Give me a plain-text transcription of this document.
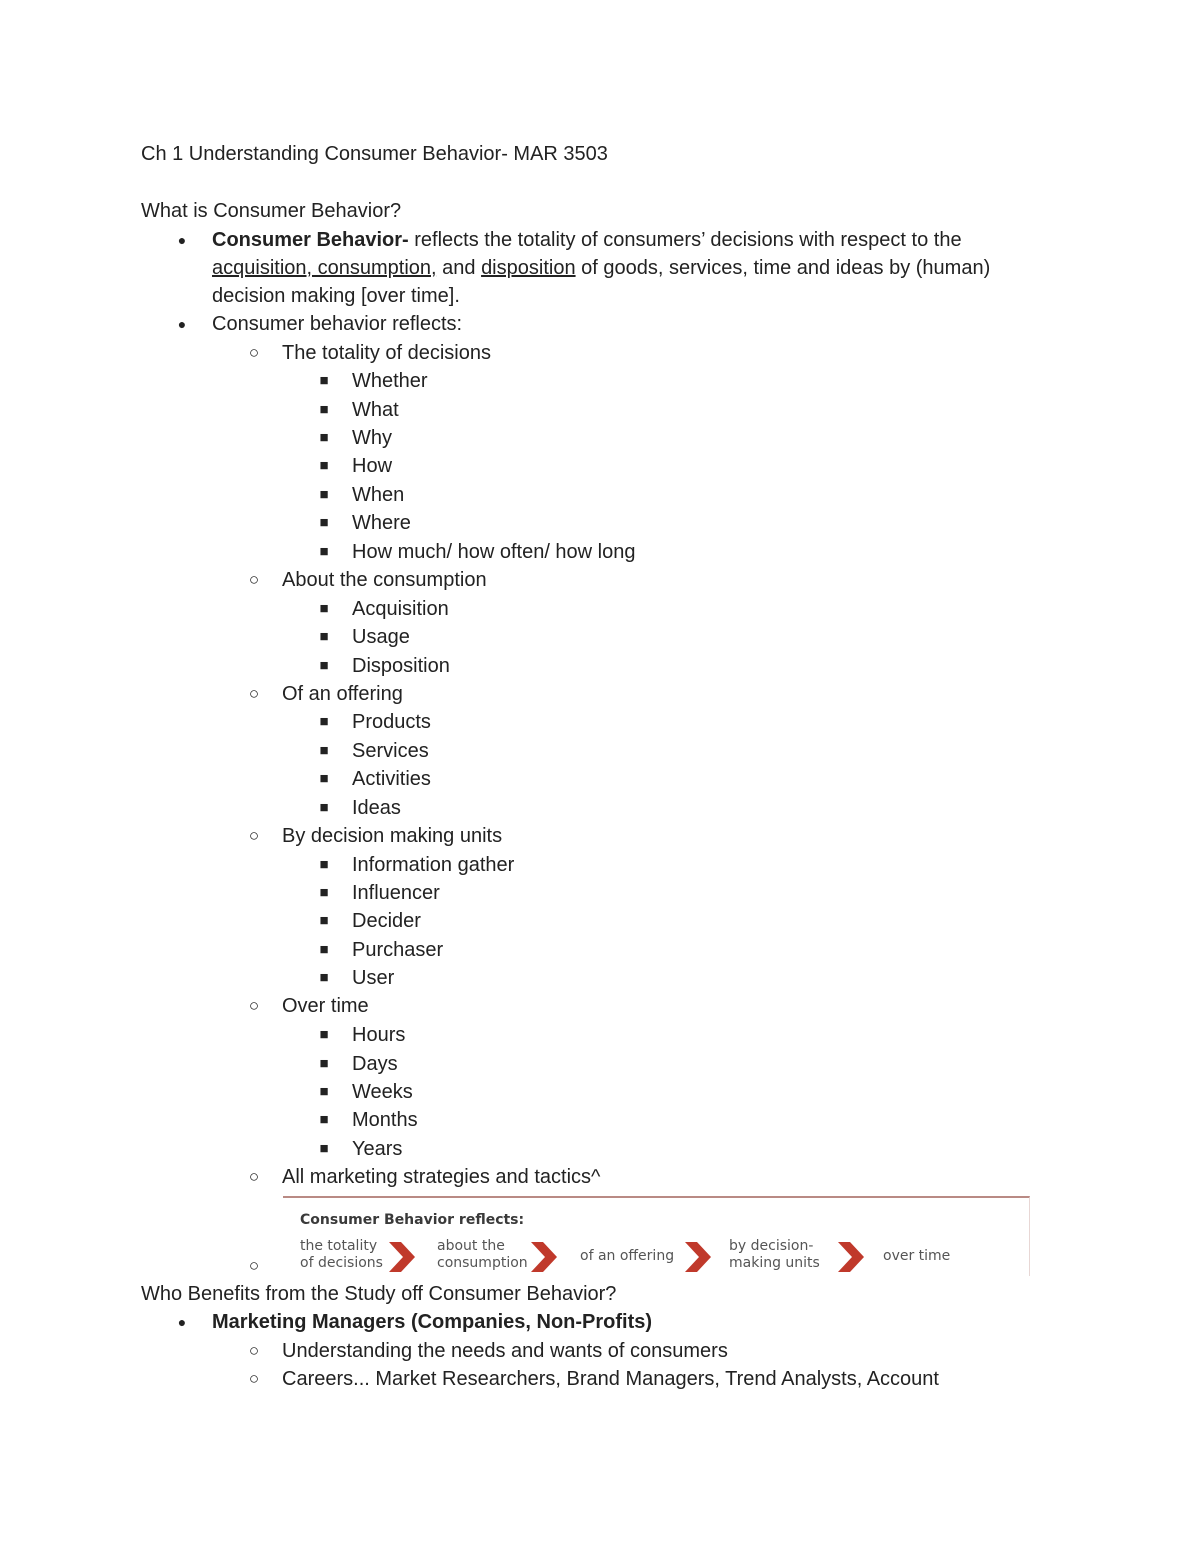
Ch 1 Understanding Consumer Behavior- MAR 3503
What is Consumer Behavior?
● Consumer Behavior- reflects the totality of consumers’ decisions with respect to the
acquisition, consumption, and disposition of goods, services, time and ideas by (human)
decision making [over time].
● Consumer behavior reflects:
○ The totality of decisions
■ Whether
■ What
■ Why
■ How
■ When
■ Where
■ How much/ how often/ how long
○ About the consumption
■ Acquisition
■ Usage
■ Disposition
○ Of an offering
■ Products
■ Services
■ Activities
■ Ideas
○ By decision making units
■ Information gather
■ Influencer
■ Decider
■ Purchaser
■ User
○ Over time
■ Hours
■ Days
■ Weeks
■ Months
■ Years
○ All marketing strategies and tactics^
○
Consumer Behavior reflects:
the totality
of decisions
about the
consumption	of an offering
by decision-
making units	over time
Who Benefits from the Study off Consumer Behavior?
● Marketing Managers (Companies, Non-Profits)
○ Understanding the needs and wants of consumers
○ Careers... Market Researchers, Brand Managers, Trend Analysts, Account
